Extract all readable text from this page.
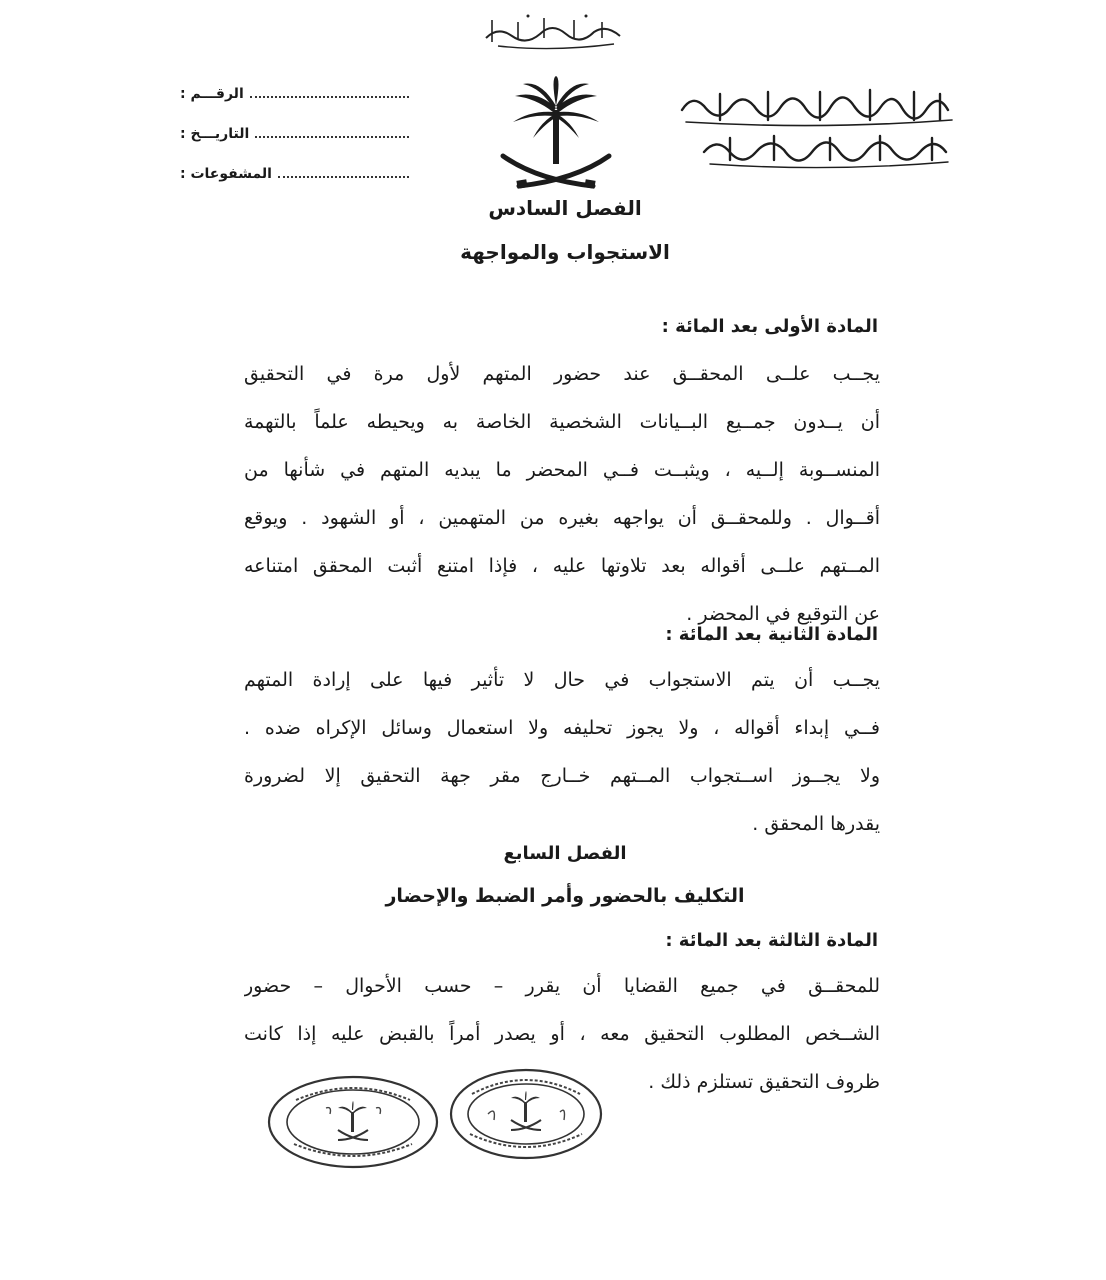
الرقـــم :
التاريـــخ :
المشفوعات :
الفصل السادس
الاستجواب والمواجهة
المادة الأولى بعد المائة :
يجــب علــى المحقــق عند حضور المتهم لأول مرة في التحقيق
أن يــدون جمــيع البــيانات الشخصية الخاصة به ويحيطه علماً بالتهمة
المنســوبة إلــيه ، ويثبــت فــي المحضر ما يبديه المتهم في شأنها من
أقــوال . وللمحقــق أن يواجهه بغيره من المتهمين ، أو الشهود . ويوقع
المــتهم علــى أقواله بعد تلاوتها عليه ، فإذا امتنع أثبت المحقق امتناعه
عن التوقيع في المحضر .
المادة الثانية بعد المائة :
يجــب أن يتم الاستجواب في حال لا تأثير فيها على إرادة المتهم
فــي إبداء أقواله ، ولا يجوز تحليفه ولا استعمال وسائل الإكراه ضده .
ولا يجــوز اســتجواب المــتهم خــارج مقر جهة التحقيق إلا لضرورة
يقدرها المحقق .
الفصل السابع
التكليف بالحضور وأمر الضبط والإحضار
المادة الثالثة بعد المائة :
للمحقــق في جميع القضايا أن يقرر – حسب الأحوال – حضور
الشــخص المطلوب التحقيق معه ، أو يصدر أمراً بالقبض عليه إذا كانت
ظروف التحقيق تستلزم ذلك .
